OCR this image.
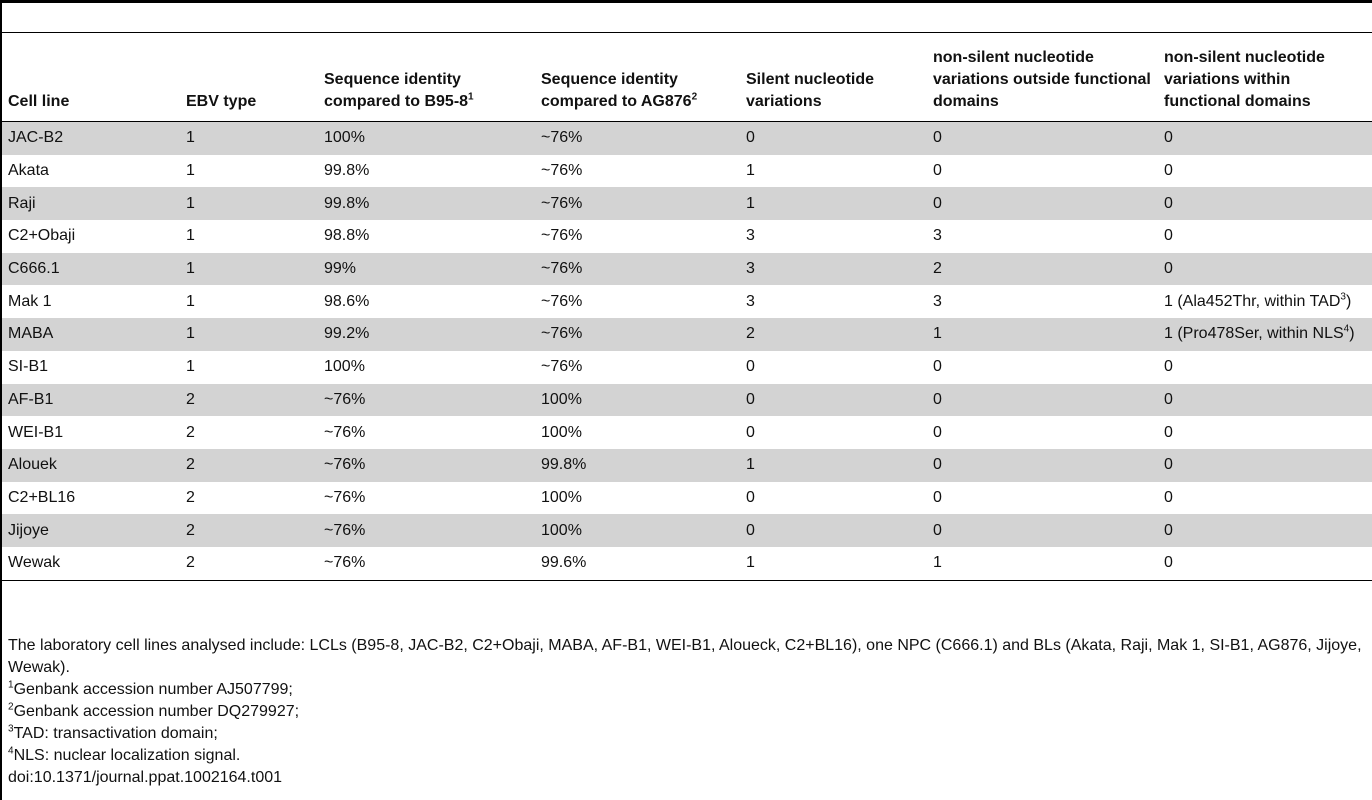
Cell line	EBV type	Sequence identity compared to $B95-8^1$	Sequence identity compared to $AG876^2$	Silent nucleotide variations	non-silent nucleotide variations outside functional domains	non-silent nucleotide variations within functional domains
JAC-B2	1	100%	~76%	0	0	0
Akata	1	99.8%	~76%	1	0	0
Raji	1	99.8%	~76%	1	0	0
C2+Obaji	1	98.8%	~76%	3	3	0
C666.1	1	99%	~76%	3	2	0
Mak 1	1	98.6%	~76%	3	3	1 (Ala452Thr, within TAD$^3$)
MABA	1	99.2%	~76%	2	1	1 (Pro478Ser, within NLS$^4$)
SI-B1	1	100%	~76%	0	0	0
AF-B1	2	~76%	100%	0	0	0
WEI-B1	2	~76%	100%	0	0	0
Alouek	2	~76%	99.8%	1	0	0
C2+BL16	2	~76%	100%	0	0	0
Jijoye	2	~76%	100%	0	0	0
Wewak	2	~76%	99.6%	1	1	0

The laboratory cell lines analysed include: LCLs (B95-8, JAC-B2, C2+Obaji, MABA, AF-B1, WEI-B1, Aloueck, C2+BL16), one NPC (C666.1) and BLs (Akata, Raji, Mak 1, SI-B1, AG876, Jijoye, Wewak).

$^1$Genbank accession number AJ507799;

$^2$Genbank accession number DQ279927;

$^3$TAD: transactivation domain;

$^4$NLS: nuclear localization signal.

doi:10.1371/journal.ppat.1002164.t001
